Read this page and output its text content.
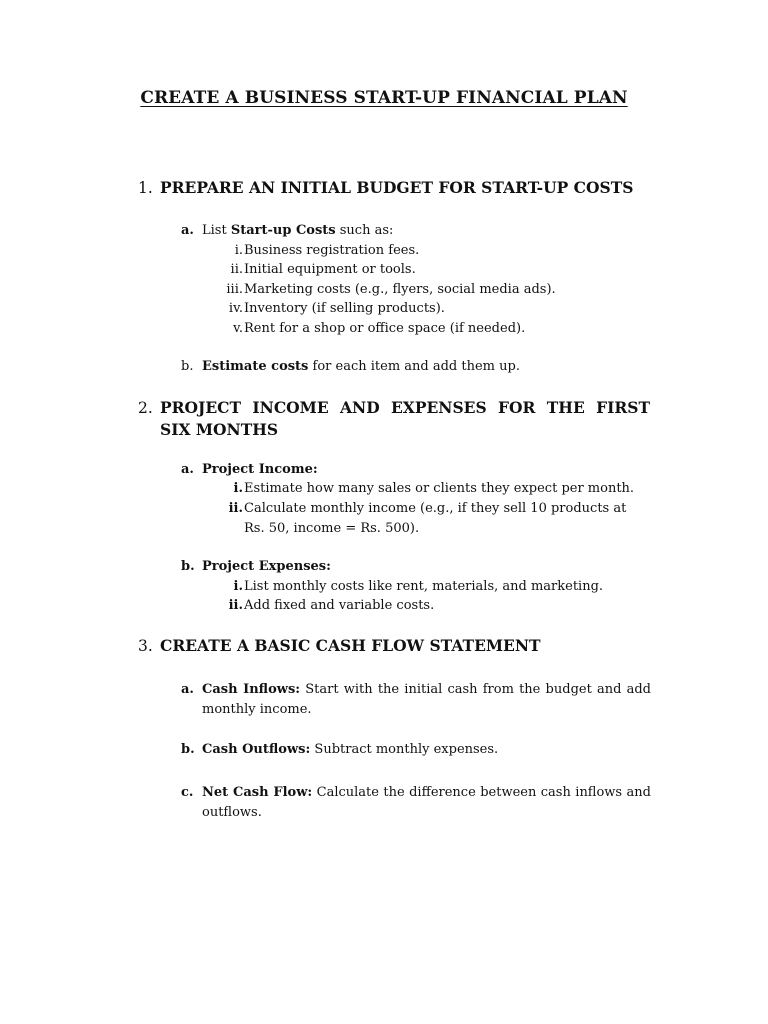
CREATE A BUSINESS START-UP FINANCIAL PLAN
1. PREPARE AN INITIAL BUDGET FOR START-UP COSTS
a. List Start-up Costs such as:
i. Business registration fees.
ii. Initial equipment or tools.
iii. Marketing costs (e.g., flyers, social media ads).
iv. Inventory (if selling products).
v. Rent for a shop or office space (if needed).
b. Estimate costs for each item and add them up.
2. PROJECT INCOME AND EXPENSES FOR THE FIRST SIX MONTHS
a. Project Income:
i. Estimate how many sales or clients they expect per month.
ii. Calculate monthly income (e.g., if they sell 10 products at Rs. 50, income = Rs. 500).
b. Project Expenses:
i. List monthly costs like rent, materials, and marketing.
ii. Add fixed and variable costs.
3. CREATE A BASIC CASH FLOW STATEMENT
a. Cash Inflows: Start with the initial cash from the budget and add monthly income.
b. Cash Outflows: Subtract monthly expenses.
c. Net Cash Flow: Calculate the difference between cash inflows and outflows.
